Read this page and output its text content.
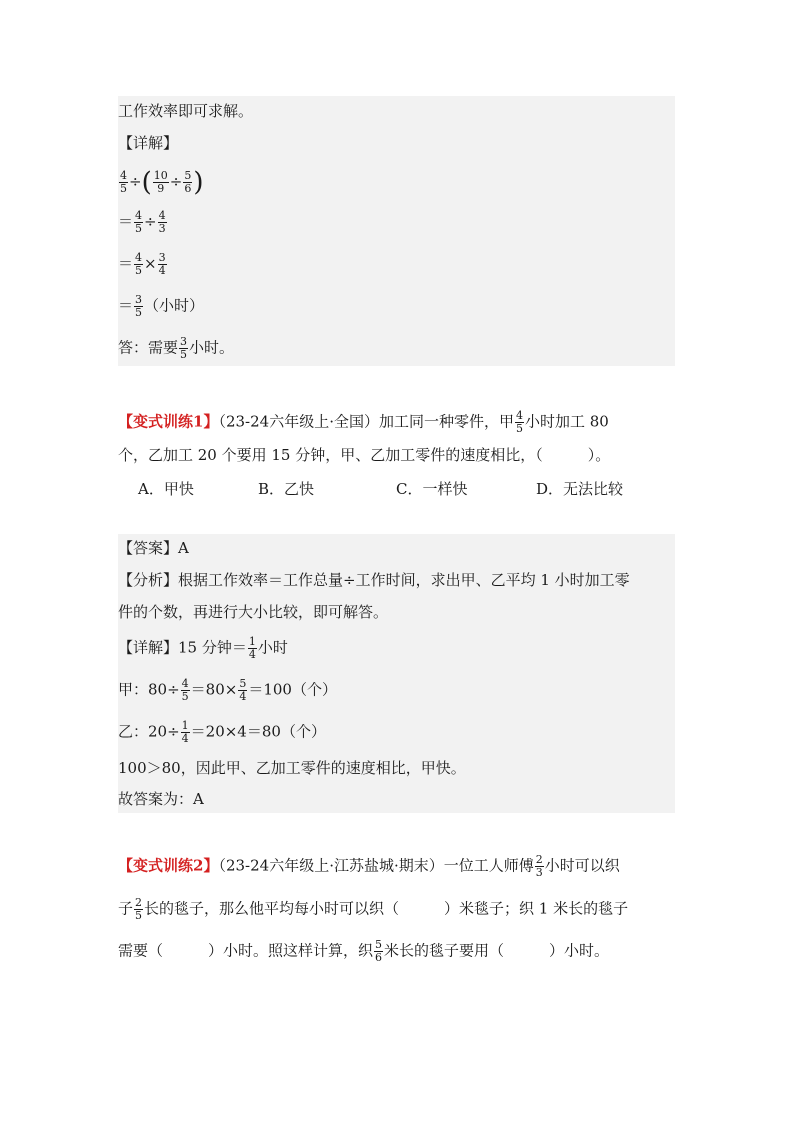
工作效率即可求解。
【详解】
$\frac{4}{5}$ ÷( $\frac{10}{9} \div \frac{5}{6}$ )
＝ $\frac{4}{5} \div \frac{4}{3}$
＝ $\frac{4}{5} \times \frac{3}{4}$
＝ $\frac{3}{5}$ （小时）
答：需要 $\frac{3}{5}$ 小时。
【变式训练1】（23-24六年级上·全国）加工同一种零件，甲 $\frac{4}{5}$ 小时加工 80
个，乙加工 20 个要用 15 分钟，甲、乙加工零件的速度相比，（　　　）。
A．甲快	B．乙快	C．一样快	D．无法比较
【答案】A
【分析】根据工作效率＝工作总量÷工作时间，求出甲、乙平均 1 小时加工零
件的个数，再进行大小比较，即可解答。
【详解】15 分钟＝ $\frac{1}{4}$ 小时
甲：$80\div \frac{4}{5} =80\times \frac{5}{4} =100$（个）
乙：$20\div \frac{1}{4} =20\times 4=80$（个）
100＞80，因此甲、乙加工零件的速度相比，甲快。
故答案为：A
【变式训练2】（23-24六年级上·江苏盐城·期末）一位工人师傅 $\frac{2}{3}$ 小时可以织
子 $\frac{2}{5}$ 长的毯子，那么他平均每小时可以织（　　　）米毯子；织 1 米长的毯子
需要（　　　）小时。照这样计算，织 $\frac{5}{6}$ 米长的毯子要用（　　　）小时。
